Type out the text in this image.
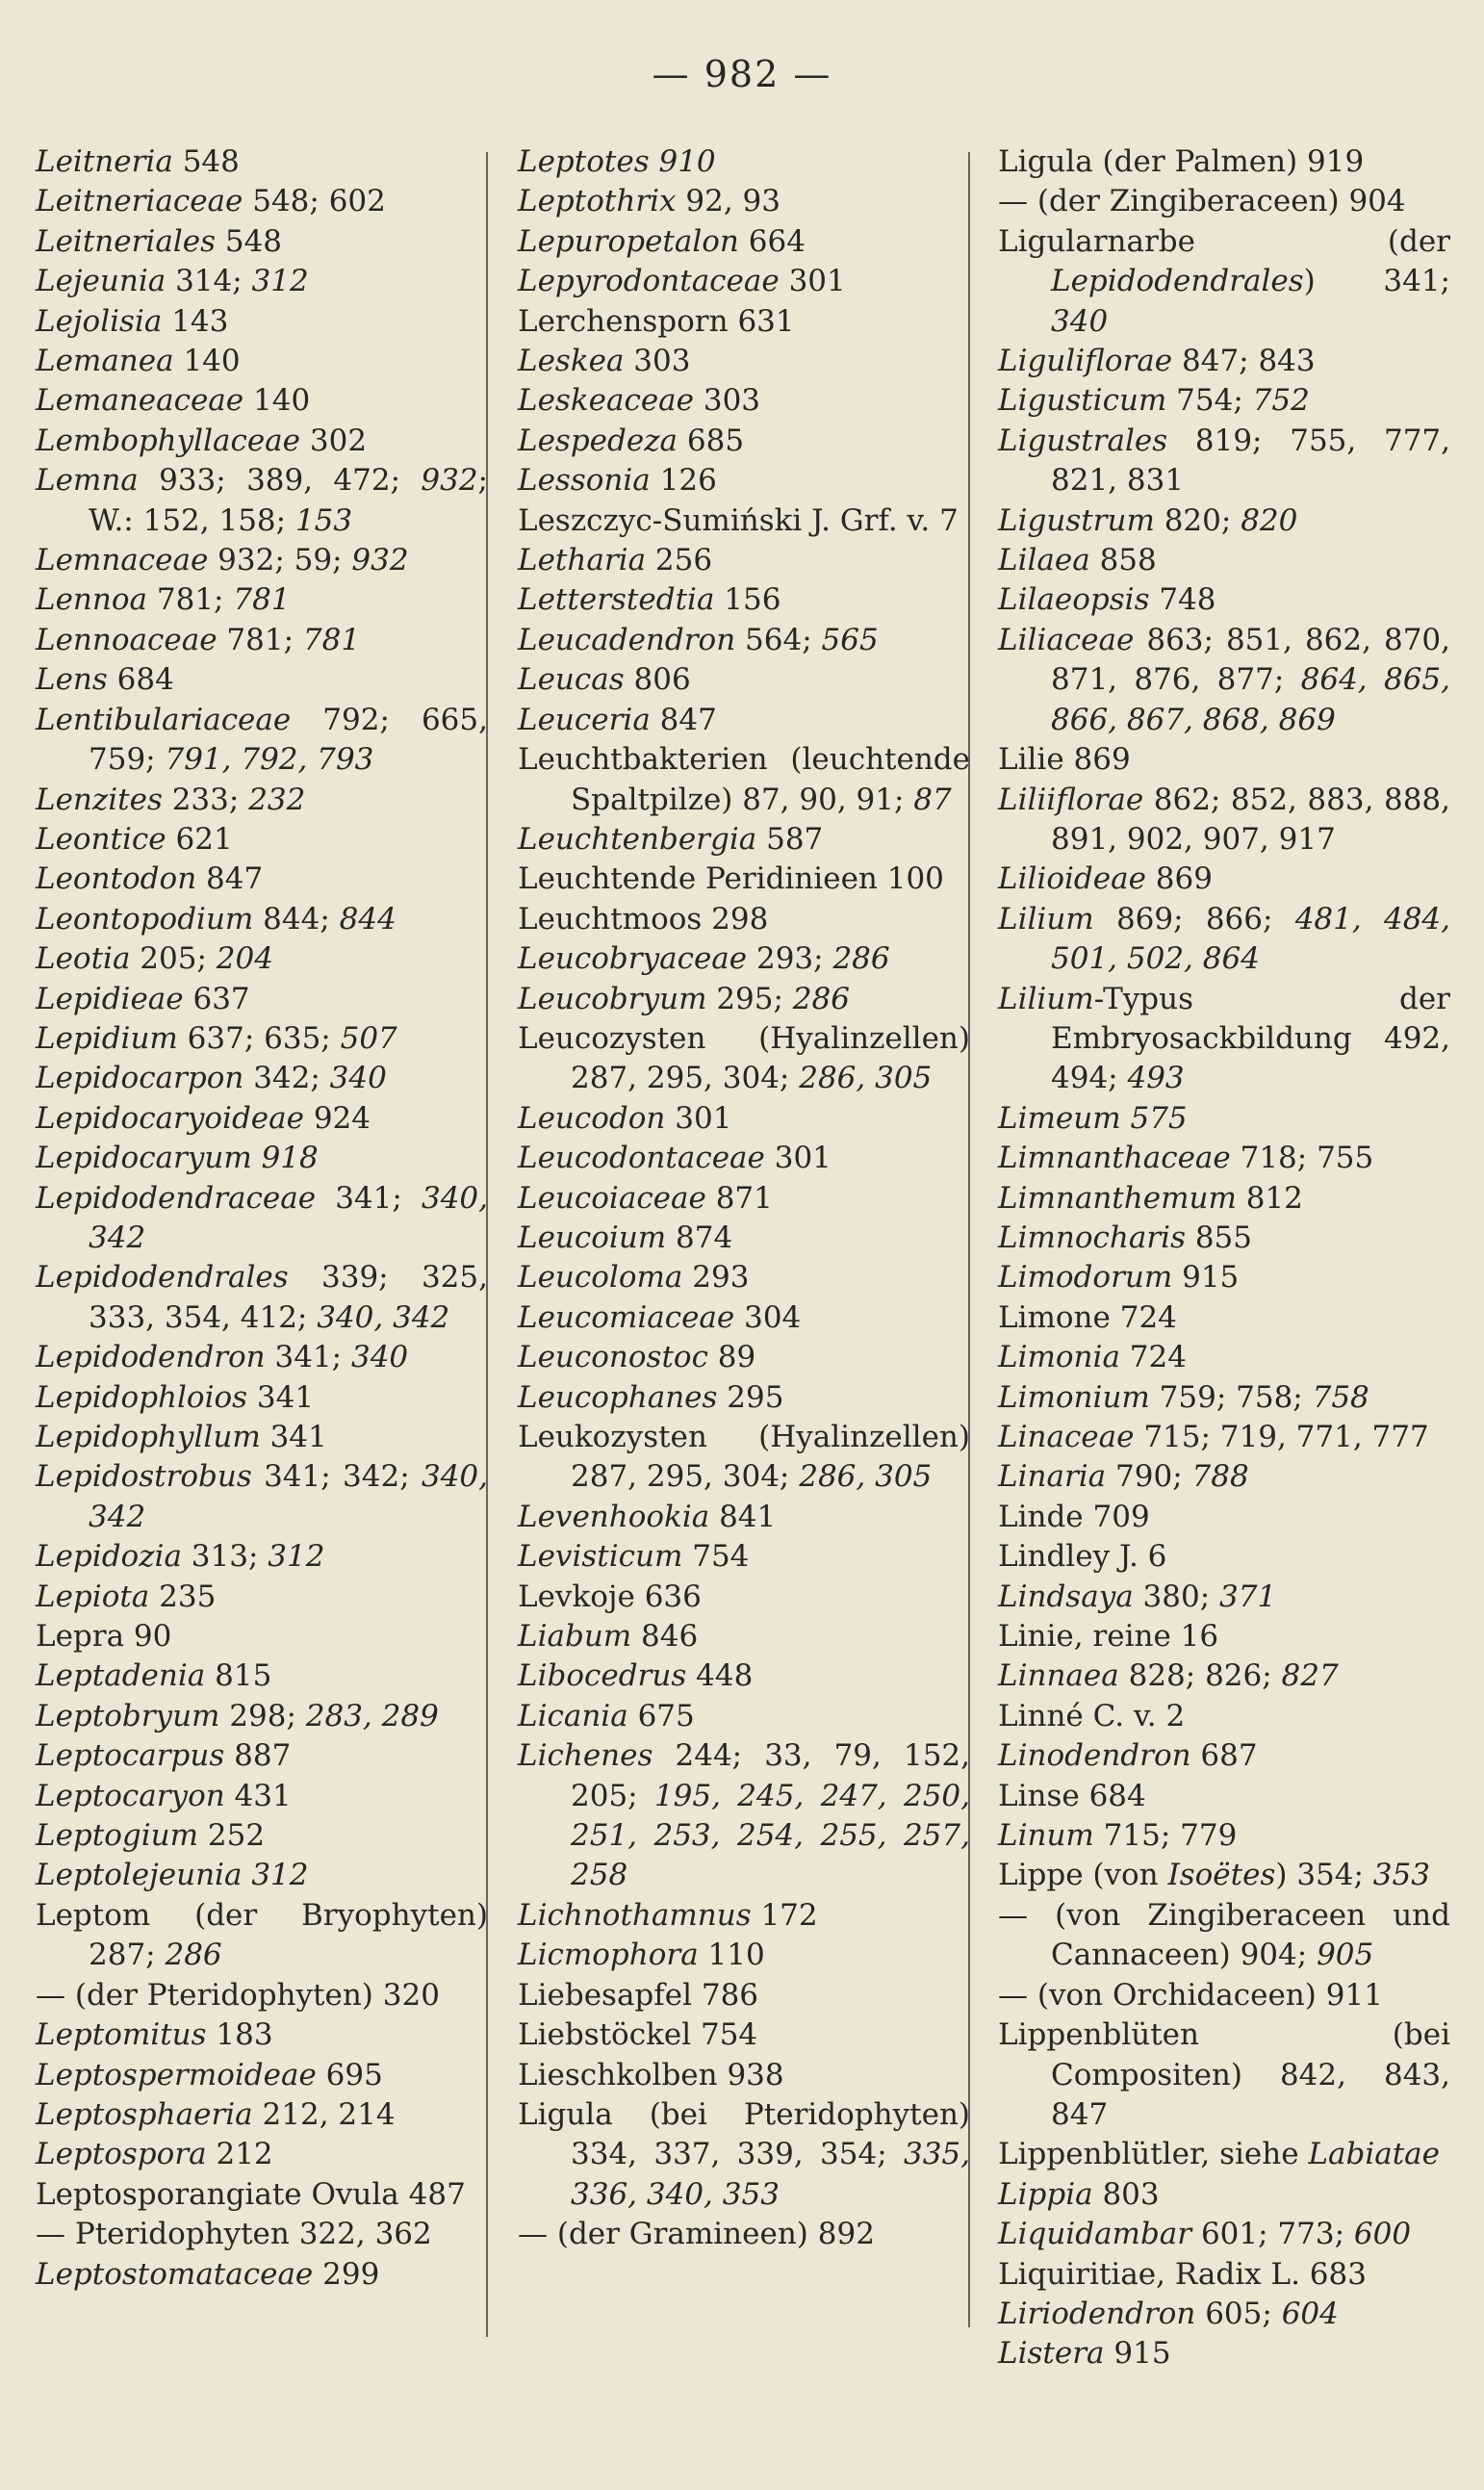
— 982 —
Leitneria 548
Leitneriaceae 548; 602
Leitneriales 548
Lejeunia 314; 312
Lejolisia 143
Lemanea 140
Lemaneaceae 140
Lembophyllaceae 302
Lemna 933; 389, 472; 932; W.: 152, 158; 153
Lemnaceae 932; 59; 932
Lennoa 781; 781
Lennoaceae 781; 781
Lens 684
Lentibulariaceae 792; 665, 759; 791, 792, 793
Lenzites 233; 232
Leontice 621
Leontodon 847
Leontopodium 844; 844
Leotia 205; 204
Lepidieae 637
Lepidium 637; 635; 507
Lepidocarpon 342; 340
Lepidocaryoideae 924
Lepidocaryum 918
Lepidodendraceae 341; 340, 342
Lepidodendrales 339; 325, 333, 354, 412; 340, 342
Lepidodendron 341; 340
Lepidophloios 341
Lepidophyllum 341
Lepidostrobus 341; 342; 340, 342
Lepidozia 313; 312
Lepiota 235
Lepra 90
Leptadenia 815
Leptobryum 298; 283, 289
Leptocarpus 887
Leptocaryon 431
Leptogium 252
Leptolejeunia 312
Leptom (der Bryophyten) 287; 286
— (der Pteridophyten) 320
Leptomitus 183
Leptospermoideae 695
Leptosphaeria 212, 214
Leptospora 212
Leptosporangiate Ovula 487
— Pteridophyten 322, 362
Leptostomataceae 299
Leptotes 910
Leptothrix 92, 93
Lepuropetalon 664
Lepyrodontaceae 301
Lerchensporn 631
Leskea 303
Leskeaceae 303
Lespedeza 685
Lessonia 126
Leszczyc-Sumiński J. Grf. v. 7
Letharia 256
Letterstedtia 156
Leucadendron 564; 565
Leucas 806
Leuceria 847
Leuchtbakterien (leuchtende Spaltpilze) 87, 90, 91; 87
Leuchtenbergia 587
Leuchtende Peridinieen 100
Leuchtmoos 298
Leucobryaceae 293; 286
Leucobryum 295; 286
Leucozysten (Hyalinzellen) 287, 295, 304; 286, 305
Leucodon 301
Leucodontaceae 301
Leucoiaceae 871
Leucoium 874
Leucoloma 293
Leucomiaceae 304
Leuconostoc 89
Leucophanes 295
Leukozysten (Hyalinzellen) 287, 295, 304; 286, 305
Levenhookia 841
Levisticum 754
Levkoje 636
Liabum 846
Libocedrus 448
Licania 675
Lichenes 244; 33, 79, 152, 205; 195, 245, 247, 250, 251, 253, 254, 255, 257, 258
Lichnothamnus 172
Licmophora 110
Liebesapfel 786
Liebstöckel 754
Lieschkolben 938
Ligula (bei Pteridophyten) 334, 337, 339, 354; 335, 336, 340, 353
— (der Gramineen) 892
Ligula (der Palmen) 919
— (der Zingiberaceen) 904
Ligularnarbe (der Lepidodendrales) 341; 340
Liguliflorae 847; 843
Ligusticum 754; 752
Ligustrales 819; 755, 777, 821, 831
Ligustrum 820; 820
Lilaea 858
Lilaeopsis 748
Liliaceae 863; 851, 862, 870, 871, 876, 877; 864, 865, 866, 867, 868, 869
Lilie 869
Liliiflorae 862; 852, 883, 888, 891, 902, 907, 917
Lilioideae 869
Lilium 869; 866; 481, 484, 501, 502, 864
Lilium-Typus der Embryosackbildung 492, 494; 493
Limeum 575
Limnanthaceae 718; 755
Limnanthemum 812
Limnocharis 855
Limodorum 915
Limone 724
Limonia 724
Limonium 759; 758; 758
Linaceae 715; 719, 771, 777
Linaria 790; 788
Linde 709
Lindley J. 6
Lindsaya 380; 371
Linie, reine 16
Linnaea 828; 826; 827
Linné C. v. 2
Linodendron 687
Linse 684
Linum 715; 779
Lippe (von Isoëtes) 354; 353
— (von Zingiberaceen und Cannaceen) 904; 905
— (von Orchidaceen) 911
Lippenblüten (bei Compositen) 842, 843, 847
Lippenblütler, siehe Labiatae
Lippia 803
Liquidambar 601; 773; 600
Liquiritiae, Radix L. 683
Liriodendron 605; 604
Listera 915
